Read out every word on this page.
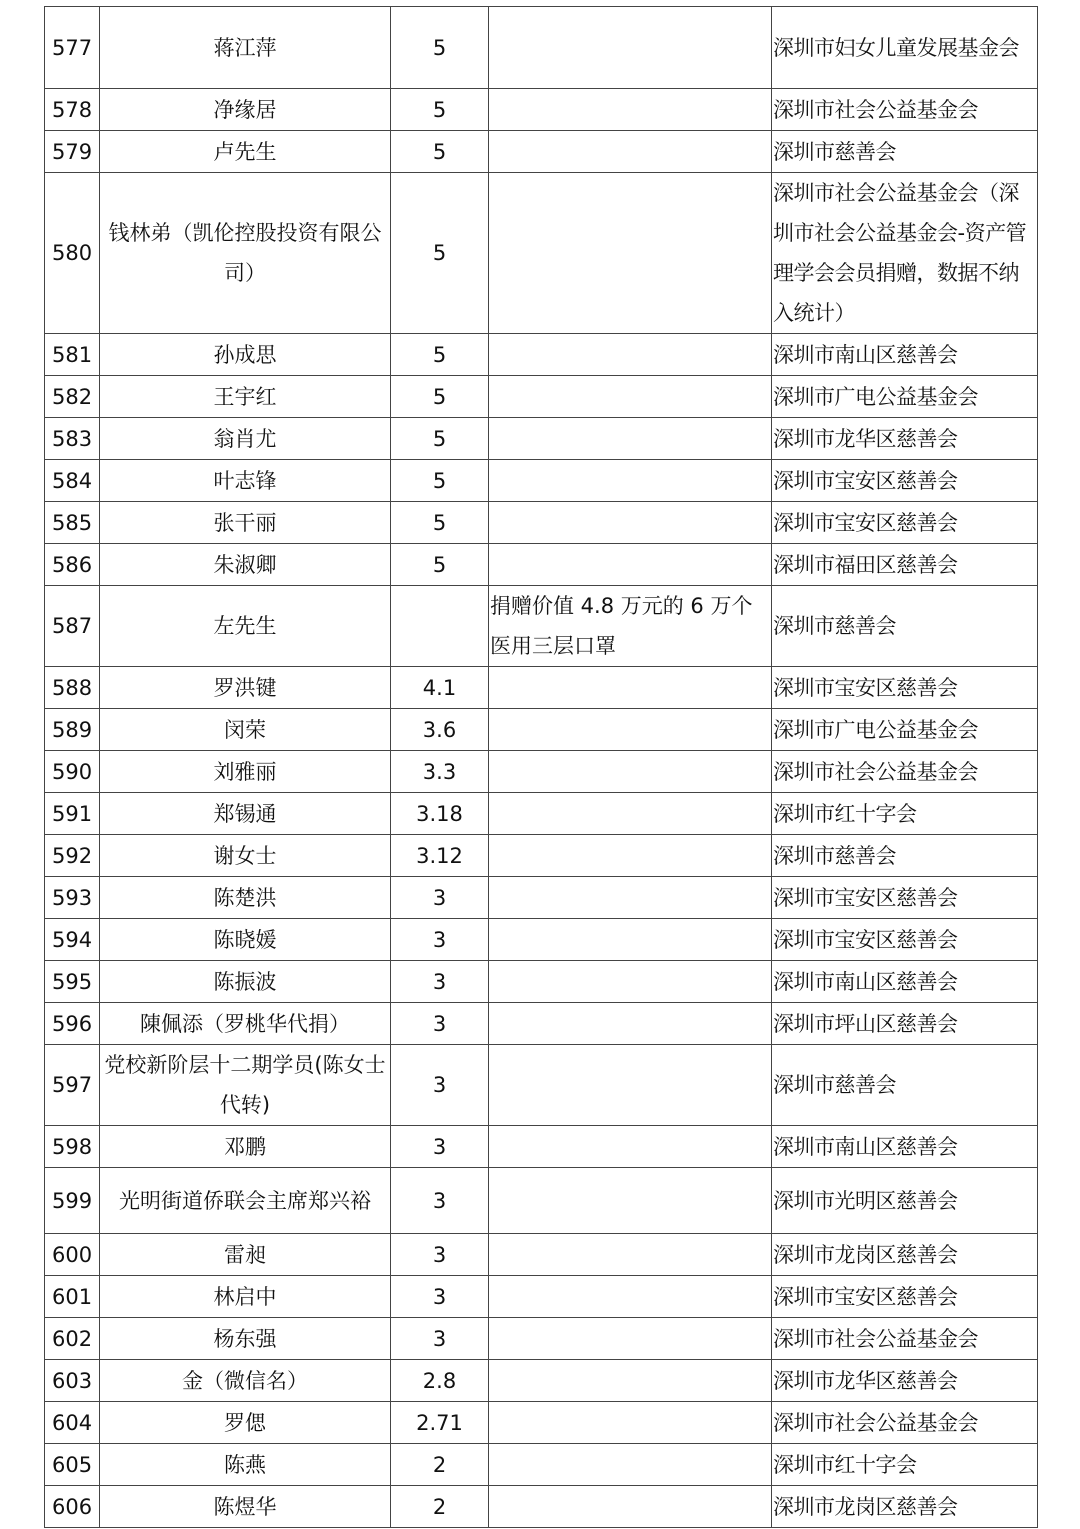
577	蒋江萍	5		深圳市妇女儿童发展基金会
578	净缘居	5		深圳市社会公益基金会
579	卢先生	5		深圳市慈善会
580	钱林弟（凯伦控股投资有限公司）	5		深圳市社会公益基金会（深圳市社会公益基金会-资产管理学会会员捐赠，数据不纳入统计）
581	孙成思	5		深圳市南山区慈善会
582	王宇红	5		深圳市广电公益基金会
583	翁肖尤	5		深圳市龙华区慈善会
584	叶志锋	5		深圳市宝安区慈善会
585	张干丽	5		深圳市宝安区慈善会
586	朱淑卿	5		深圳市福田区慈善会
587	左先生		捐赠价值 4.8 万元的 6 万个医用三层口罩	深圳市慈善会
588	罗洪键	4.1		深圳市宝安区慈善会
589	闵荣	3.6		深圳市广电公益基金会
590	刘雅丽	3.3		深圳市社会公益基金会
591	郑锡通	3.18		深圳市红十字会
592	谢女士	3.12		深圳市慈善会
593	陈楚洪	3		深圳市宝安区慈善会
594	陈晓媛	3		深圳市宝安区慈善会
595	陈振波	3		深圳市南山区慈善会
596	陳佩添（罗桃华代捐）	3		深圳市坪山区慈善会
597	党校新阶层十二期学员(陈女士代转)	3		深圳市慈善会
598	邓鹏	3		深圳市南山区慈善会
599	光明街道侨联会主席郑兴裕	3		深圳市光明区慈善会
600	雷昶	3		深圳市龙岗区慈善会
601	林启中	3		深圳市宝安区慈善会
602	杨东强	3		深圳市社会公益基金会
603	金（微信名）	2.8		深圳市龙华区慈善会
604	罗偲	2.71		深圳市社会公益基金会
605	陈燕	2		深圳市红十字会
606	陈煜华	2		深圳市龙岗区慈善会
